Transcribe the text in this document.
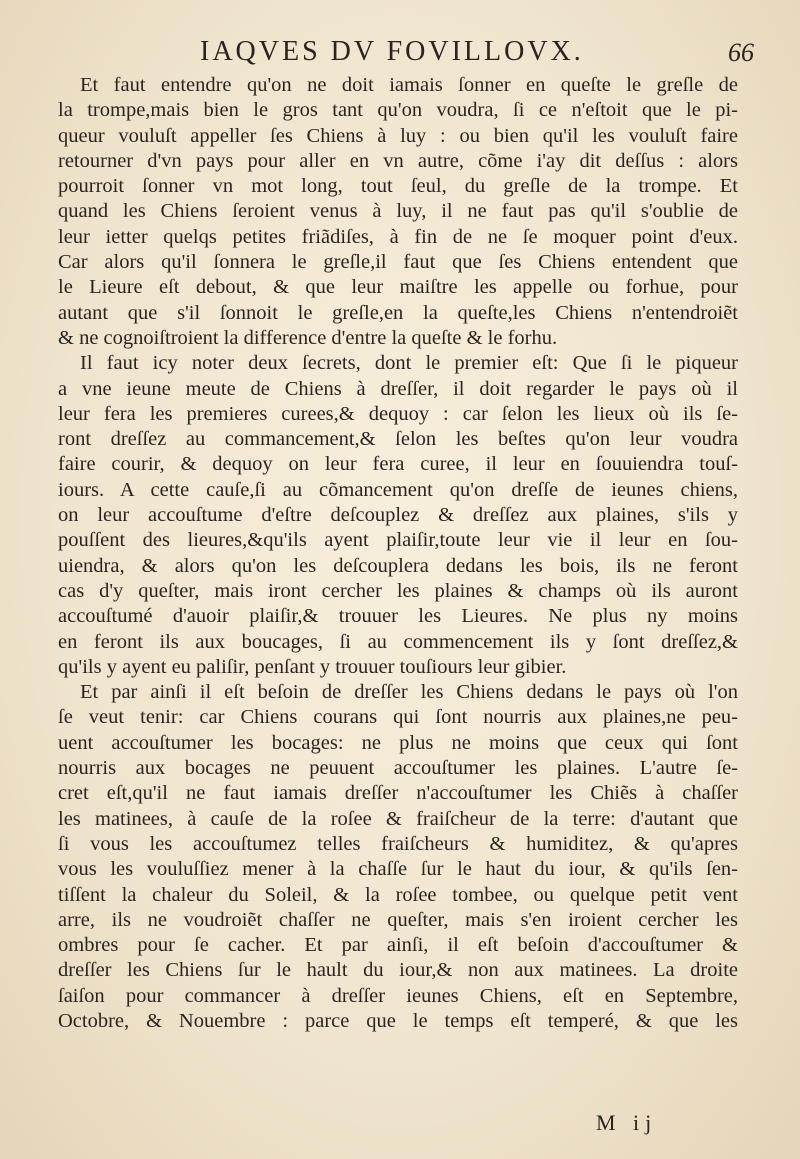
IAQVES DV FOVILLOVX.	66
Et faut entendre qu'on ne doit iamais ſonner en queſte le greſle de
la trompe,mais bien le gros tant qu'on voudra, ſi ce n'eſtoit que le pi-
queur vouluſt appeller ſes Chiens à luy : ou bien qu'il les vouluſt faire
retourner d'vn pays pour aller en vn autre, cõme i'ay dit deſſus : alors
pourroit ſonner vn mot long, tout ſeul, du greſle de la trompe. Et
quand les Chiens ſeroient venus à luy, il ne faut pas qu'il s'oublie de
leur ietter quelqs petites friãdiſes, à fin de ne ſe moquer point d'eux.
Car alors qu'il ſonnera le greſle,il faut que ſes Chiens entendent que
le Lieure eſt debout, & que leur maiſtre les appelle ou forhue, pour
autant que s'il ſonnoit le greſle,en la queſte,les Chiens n'entendroiẽt
& ne cognoiſtroient la difference d'entre la queſte & le forhu.
Il faut icy noter deux ſecrets, dont le premier eſt: Que ſi le piqueur
a vne ieune meute de Chiens à dreſſer, il doit regarder le pays où il
leur fera les premieres curees,& dequoy : car ſelon les lieux où ils ſe-
ront dreſſez au commancement,& ſelon les beſtes qu'on leur voudra
faire courir, & dequoy on leur fera curee, il leur en ſouuiendra touſ-
iours. A cette cauſe,ſi au cõmancement qu'on dreſſe de ieunes chiens,
on leur accouſtume d'eſtre deſcouplez & dreſſez aux plaines, s'ils y
pouſſent des lieures,&qu'ils ayent plaiſir,toute leur vie il leur en ſou-
uiendra, & alors qu'on les deſcouplera dedans les bois, ils ne feront
cas d'y queſter, mais iront cercher les plaines & champs où ils auront
accouſtumé d'auoir plaiſir,& trouuer les Lieures. Ne plus ny moins
en feront ils aux boucages, ſi au commencement ils y ſont dreſſez,&
qu'ils y ayent eu paliſir, penſant y trouuer touſiours leur gibier.
Et par ainſi il eſt beſoin de dreſſer les Chiens dedans le pays où l'on
ſe veut tenir: car Chiens courans qui ſont nourris aux plaines,ne peu-
uent accouſtumer les bocages: ne plus ne moins que ceux qui ſont
nourris aux bocages ne peuuent accouſtumer les plaines. L'autre ſe-
cret eſt,qu'il ne faut iamais dreſſer n'accouſtumer les Chiẽs à chaſſer
les matinees, à cauſe de la roſee & fraiſcheur de la terre: d'autant que
ſi vous les accouſtumez telles fraiſcheurs & humiditez, & qu'apres
vous les vouluſſiez mener à la chaſſe ſur le haut du iour, & qu'ils ſen-
tiſſent la chaleur du Soleil, & la roſee tombee, ou quelque petit vent
arre, ils ne voudroiẽt chaſſer ne queſter, mais s'en iroient cercher les
ombres pour ſe cacher. Et par ainſi, il eſt beſoin d'accouſtumer &
dreſſer les Chiens ſur le hault du iour,& non aux matinees. La droite
ſaiſon pour commancer à dreſſer ieunes Chiens, eſt en Septembre,
Octobre, & Nouembre : parce que le temps eſt temperé, & que les
M ij
